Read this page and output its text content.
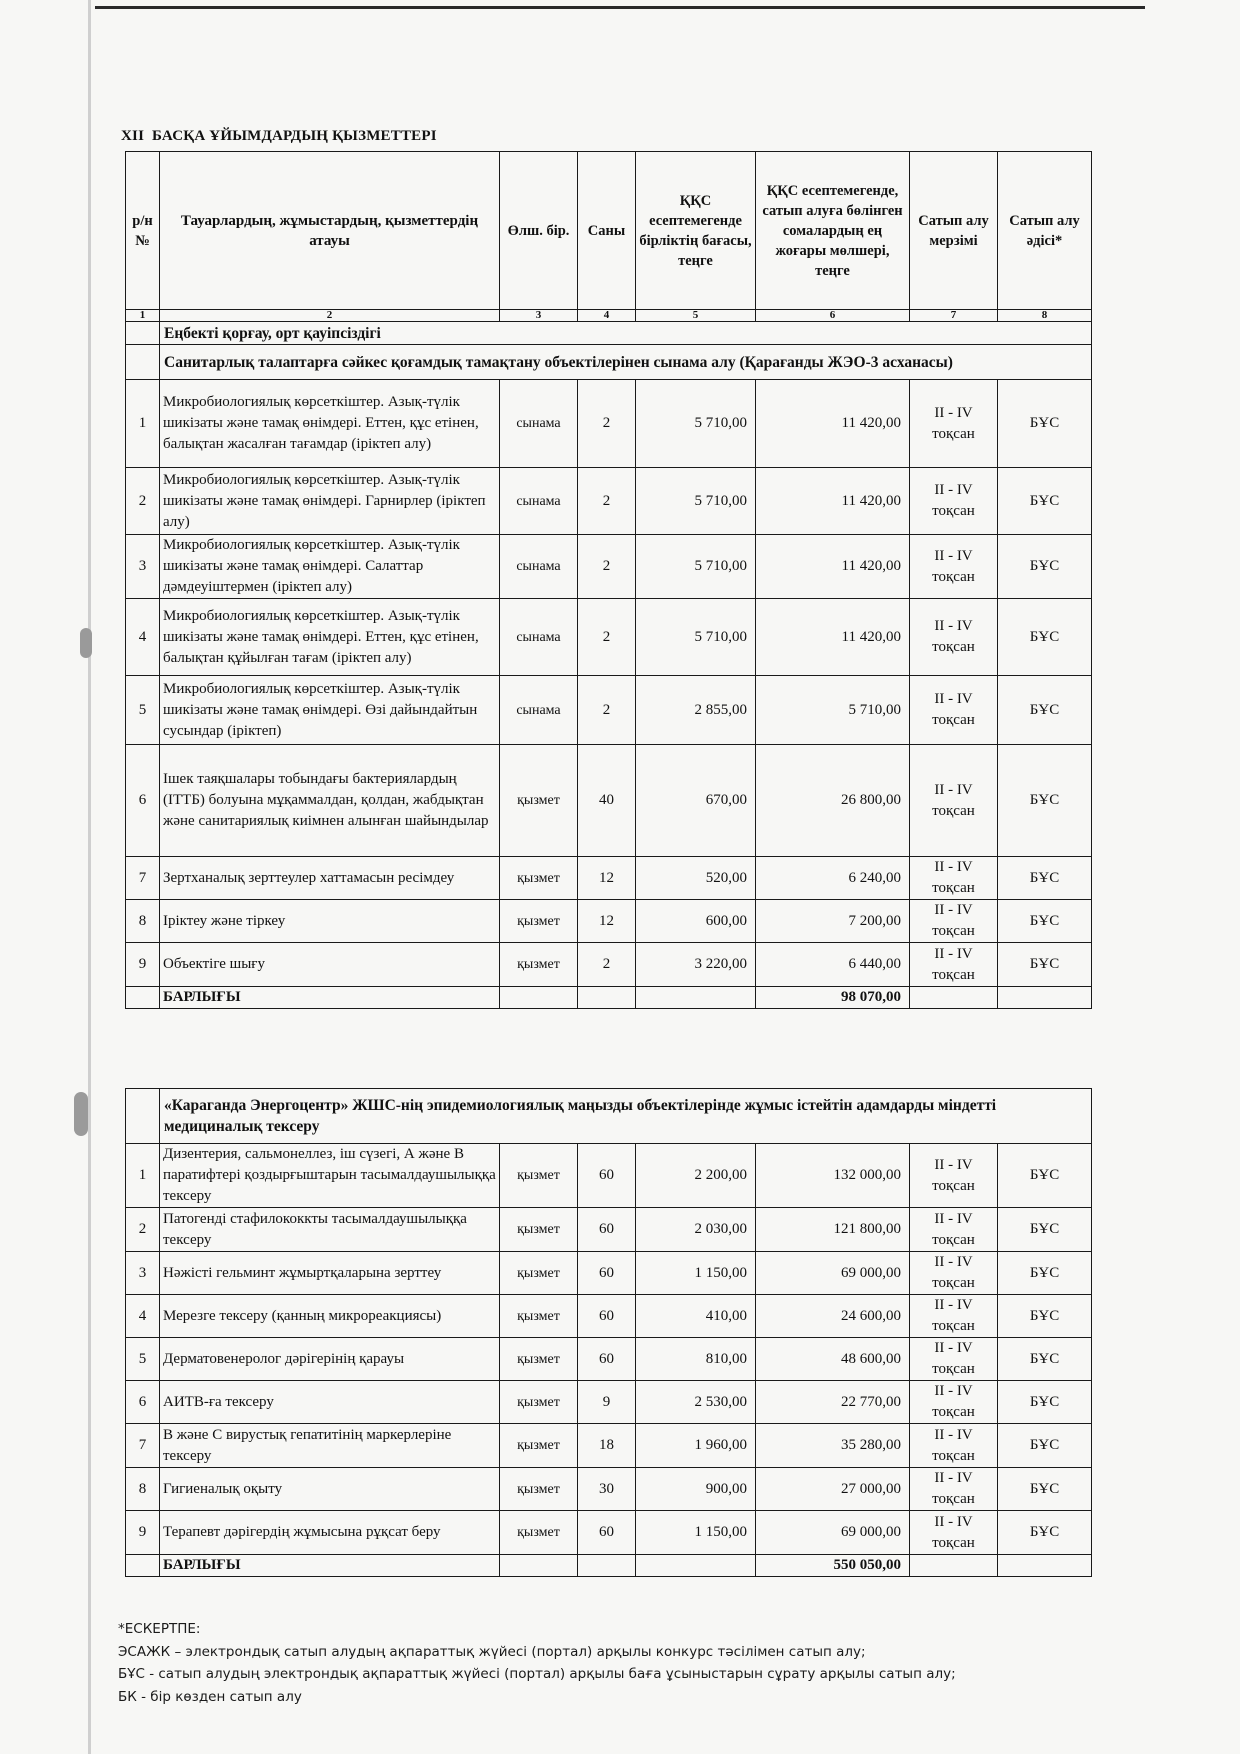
XII БАСҚА ҰЙЫМДАРДЫҢ ҚЫЗМЕТТЕРІ
р/н №	Тауарлардың, жұмыстардың, қызметтердің атауы	Өлш. бір.	Саны	ҚҚС есептемегенде бірліктің бағасы, теңге	ҚҚС есептемегенде, сатып алуға бөлінген сомалардың ең жоғары мөлшері, теңге	Сатып алу мерзімі	Сатып алу әдісі*
1	2	3	4	5	6	7	8
	Еңбекті қорғау, орт қауіпсіздігі						
	Санитарлық талаптарға сәйкес қоғамдық тамақтану объектілерінен сынама алу (Қарағанды ЖЭО-3 асханасы)						
1	Микробиологиялық көрсеткіштер. Азық-түлік шикізаты және тамақ өнімдері. Еттен, құс етінен, балықтан жасалған тағамдар (іріктеп алу)	сынама	2	5 710,00	11 420,00	II - IV тоқсан	БҰС
2	Микробиологиялық көрсеткіштер. Азық-түлік шикізаты және тамақ өнімдері. Гарнирлер (іріктеп алу)	сынама	2	5 710,00	11 420,00	II - IV тоқсан	БҰС
3	Микробиологиялық көрсеткіштер. Азық-түлік шикізаты және тамақ өнімдері. Салаттар дәмдеуіштермен (іріктеп алу)	сынама	2	5 710,00	11 420,00	II - IV тоқсан	БҰС
4	Микробиологиялық көрсеткіштер. Азық-түлік шикізаты және тамақ өнімдері. Еттен, құс етінен, балықтан құйылған тағам (іріктеп алу)	сынама	2	5 710,00	11 420,00	II - IV тоқсан	БҰС
5	Микробиологиялық көрсеткіштер. Азық-түлік шикізаты және тамақ өнімдері. Өзі дайындайтын сусындар (іріктеп)	сынама	2	2 855,00	5 710,00	II - IV тоқсан	БҰС
6	Ішек таяқшалары тобындағы бактериялардың (ІТТБ) болуына мұқаммалдан, қолдан, жабдықтан және санитариялық киімнен алынған шайындылар	қызмет	40	670,00	26 800,00	II - IV тоқсан	БҰС
7	Зертханалық зерттеулер хаттамасын ресімдеу	қызмет	12	520,00	6 240,00	II - IV тоқсан	БҰС
8	Іріктеу және тіркеу	қызмет	12	600,00	7 200,00	II - IV тоқсан	БҰС
9	Объектіге шығу	қызмет	2	3 220,00	6 440,00	II - IV тоқсан	БҰС
	БАРЛЫҒЫ				98 070,00		
	«Караганда Энергоцентр» ЖШС-нің эпидемиологиялық маңызды объектілерінде жұмыс істейтін адамдарды міндетті медициналық тексеру						
1	Дизентерия, сальмонеллез, іш сүзегі, А және В паратифтері қоздырғыштарын тасымалдаушылыққа тексеру	қызмет	60	2 200,00	132 000,00	II - IV тоқсан	БҰС
2	Патогенді стафилококкты тасымалдаушылыққа тексеру	қызмет	60	2 030,00	121 800,00	II - IV тоқсан	БҰС
3	Нәжісті гельминт жұмыртқаларына зерттеу	қызмет	60	1 150,00	69 000,00	II - IV тоқсан	БҰС
4	Мерезге тексеру (қанның микрореакциясы)	қызмет	60	410,00	24 600,00	II - IV тоқсан	БҰС
5	Дерматовенеролог дәрігерінің қарауы	қызмет	60	810,00	48 600,00	II - IV тоқсан	БҰС
6	АИТВ-ға тексеру	қызмет	9	2 530,00	22 770,00	II - IV тоқсан	БҰС
7	В және С вирустық гепатитінің маркерлеріне тексеру	қызмет	18	1 960,00	35 280,00	II - IV тоқсан	БҰС
8	Гигиеналық оқыту	қызмет	30	900,00	27 000,00	II - IV тоқсан	БҰС
9	Терапевт дәрігердің жұмысына рұқсат беру	қызмет	60	1 150,00	69 000,00	II - IV тоқсан	БҰС
	БАРЛЫҒЫ				550 050,00		
*ЕСКЕРТПЕ:
ЭСАЖК – электрондық сатып алудың ақпараттық жүйесі (портал) арқылы конкурс тәсілімен сатып алу;
БҰС - сатып алудың электрондық ақпараттық жүйесі (портал) арқылы баға ұсыныстарын сұрату арқылы сатып алу;
БК - бір көзден сатып алу
